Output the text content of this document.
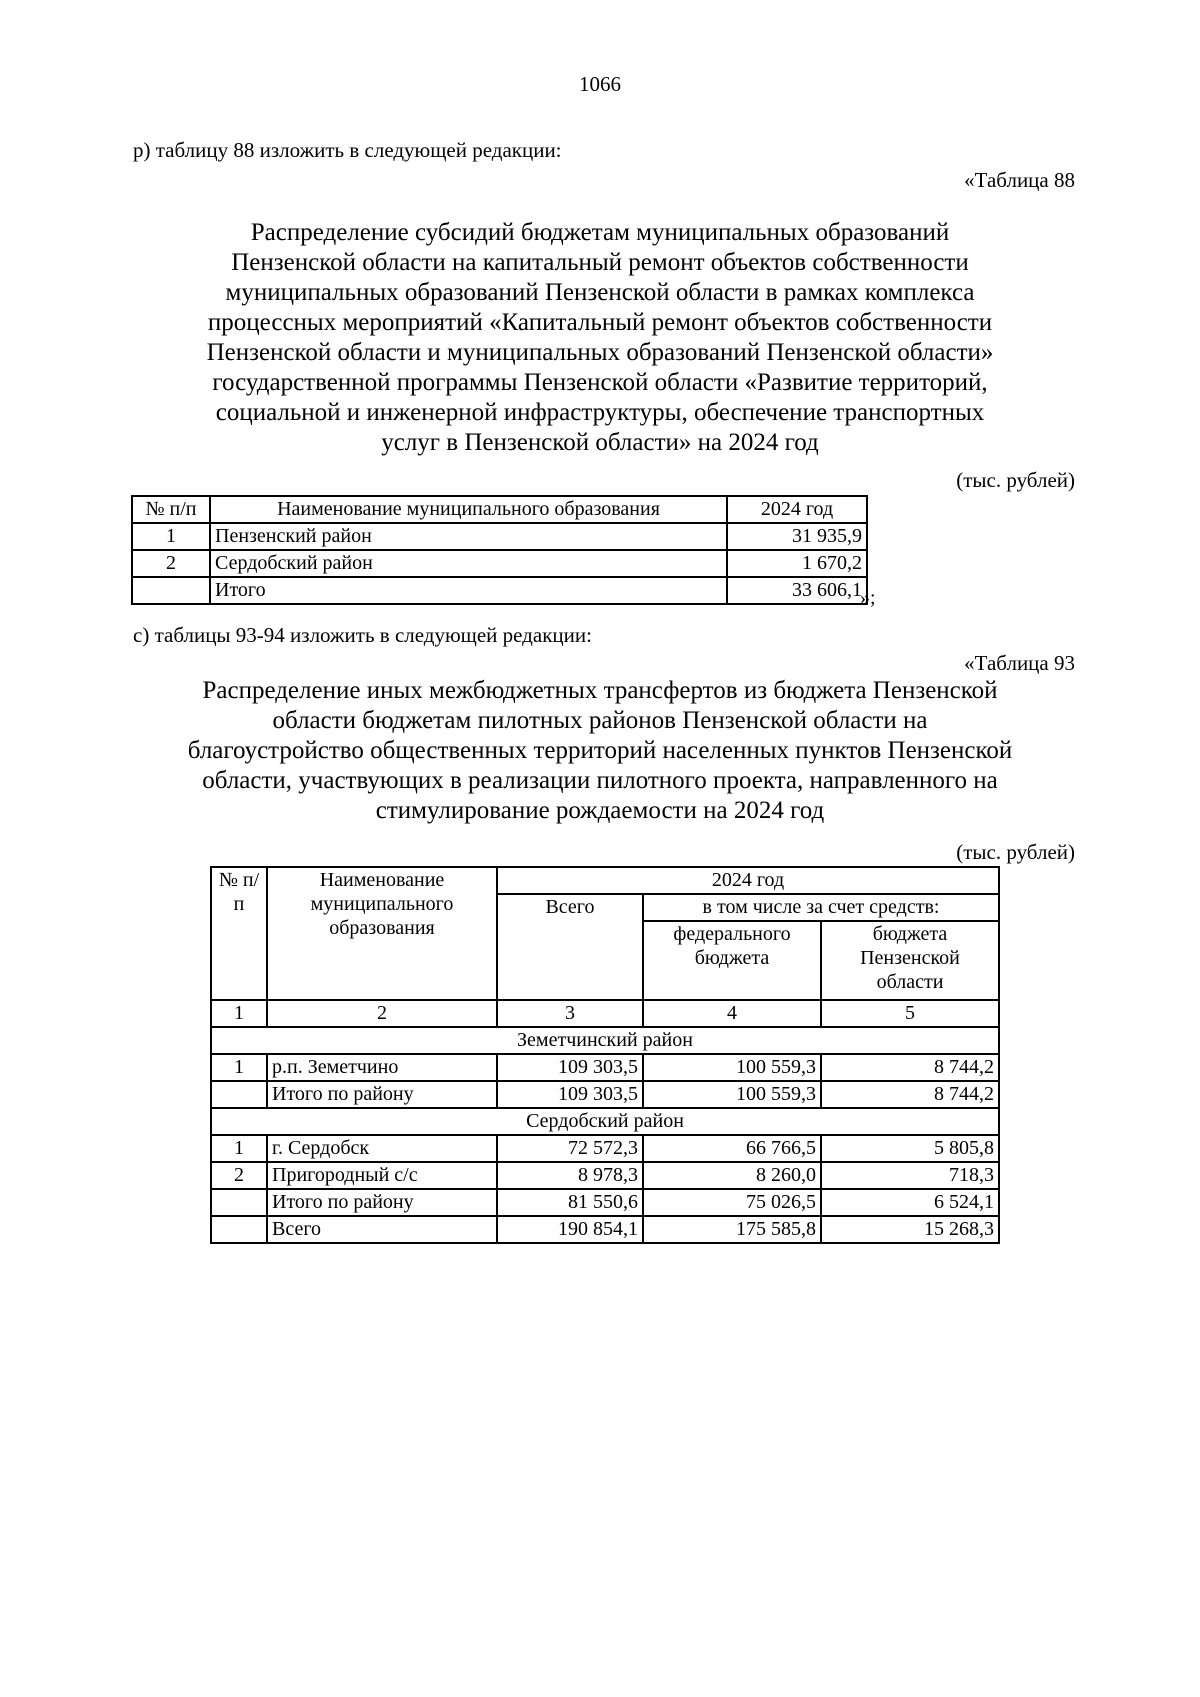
1066
р) таблицу 88 изложить в следующей редакции:
«Таблица 88
Распределение субсидий бюджетам муниципальных образований
Пензенской области на капитальный ремонт объектов собственности
муниципальных образований Пензенской области в рамках комплекса
процессных мероприятий «Капитальный ремонт объектов собственности
Пензенской области и муниципальных образований Пензенской области»
государственной программы Пензенской области «Развитие территорий,
социальной и инженерной инфраструктуры, обеспечение транспортных
услуг в Пензенской области» на 2024 год
(тыс. рублей)
№ п/п	Наименование муниципального образования	2024 год
1	Пензенский район	31 935,9
2	Сердобский район	1 670,2
	Итого	33 606,1
»;
с) таблицы 93-94 изложить в следующей редакции:
«Таблица 93
Распределение иных межбюджетных трансфертов из бюджета Пензенской
области бюджетам пилотных районов Пензенской области на
благоустройство общественных территорий населенных пунктов Пензенской
области, участвующих в реализации пилотного проекта, направленного на
стимулирование рождаемости на 2024 год
(тыс. рублей)
№ п/п	Наименование муниципального образования	2024 год		
		Всего	в том числе за счет средств:	
			федерального бюджета	бюджета Пензенской области
1	2	3	4	5
Земетчинский район				
1	р.п. Земетчино	109 303,5	100 559,3	8 744,2
	Итого по району	109 303,5	100 559,3	8 744,2
Сердобский район				
1	г. Сердобск	72 572,3	66 766,5	5 805,8
2	Пригородный с/с	8 978,3	8 260,0	718,3
	Итого по району	81 550,6	75 026,5	6 524,1
	Всего	190 854,1	175 585,8	15 268,3
